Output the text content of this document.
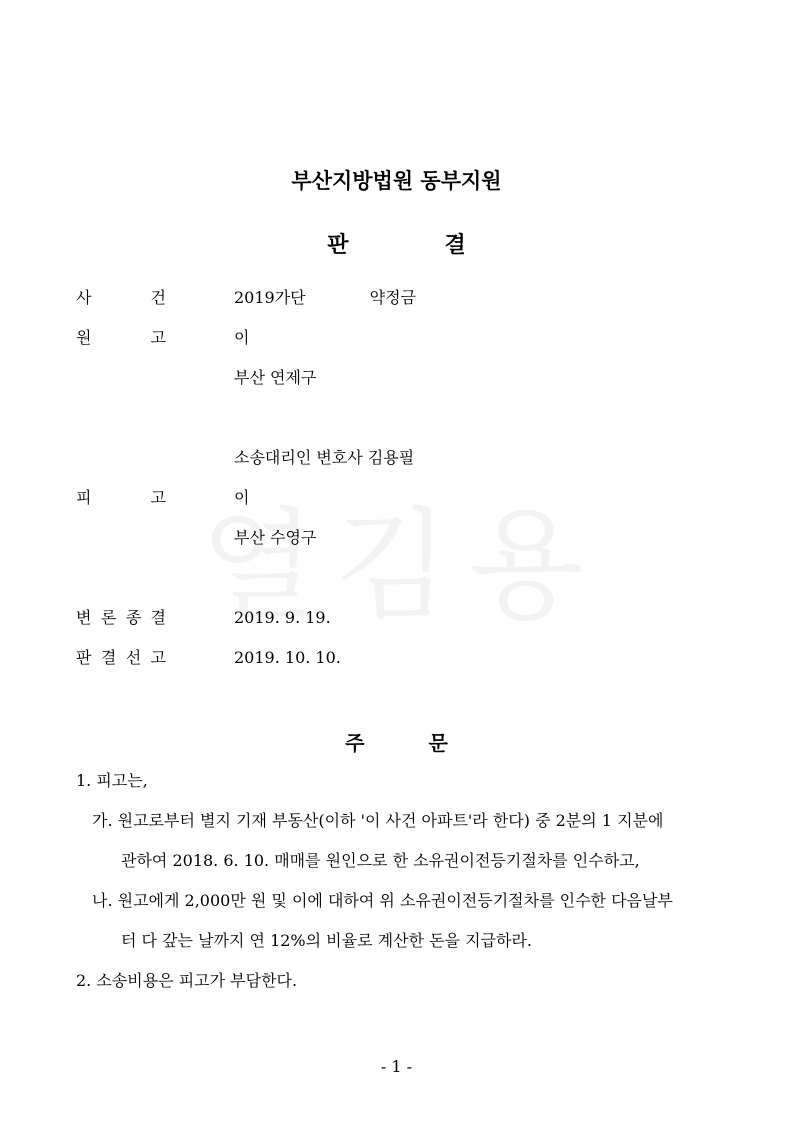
부산지방법원 동부지원
판	결
사	건	2019가단	약정금
원	고	이
부산 연제구
소송대리인 변호사 김용필
피	고	이
부산 수영구
변 론 종 결	2019. 9. 19.
판 결 선 고	2019. 10. 10.
주	문
1. 피고는,
가. 원고로부터 별지 기재 부동산(이하 '이 사건 아파트'라 한다) 중 2분의 1 지분에
관하여 2018. 6. 10. 매매를 원인으로 한 소유권이전등기절차를 인수하고,
나. 원고에게 2,000만 원 및 이에 대하여 위 소유권이전등기절차를 인수한 다음날부
터 다 갚는 날까지 연 12%의 비율로 계산한 돈을 지급하라.
2. 소송비용은 피고가 부담한다.
- 1 -
